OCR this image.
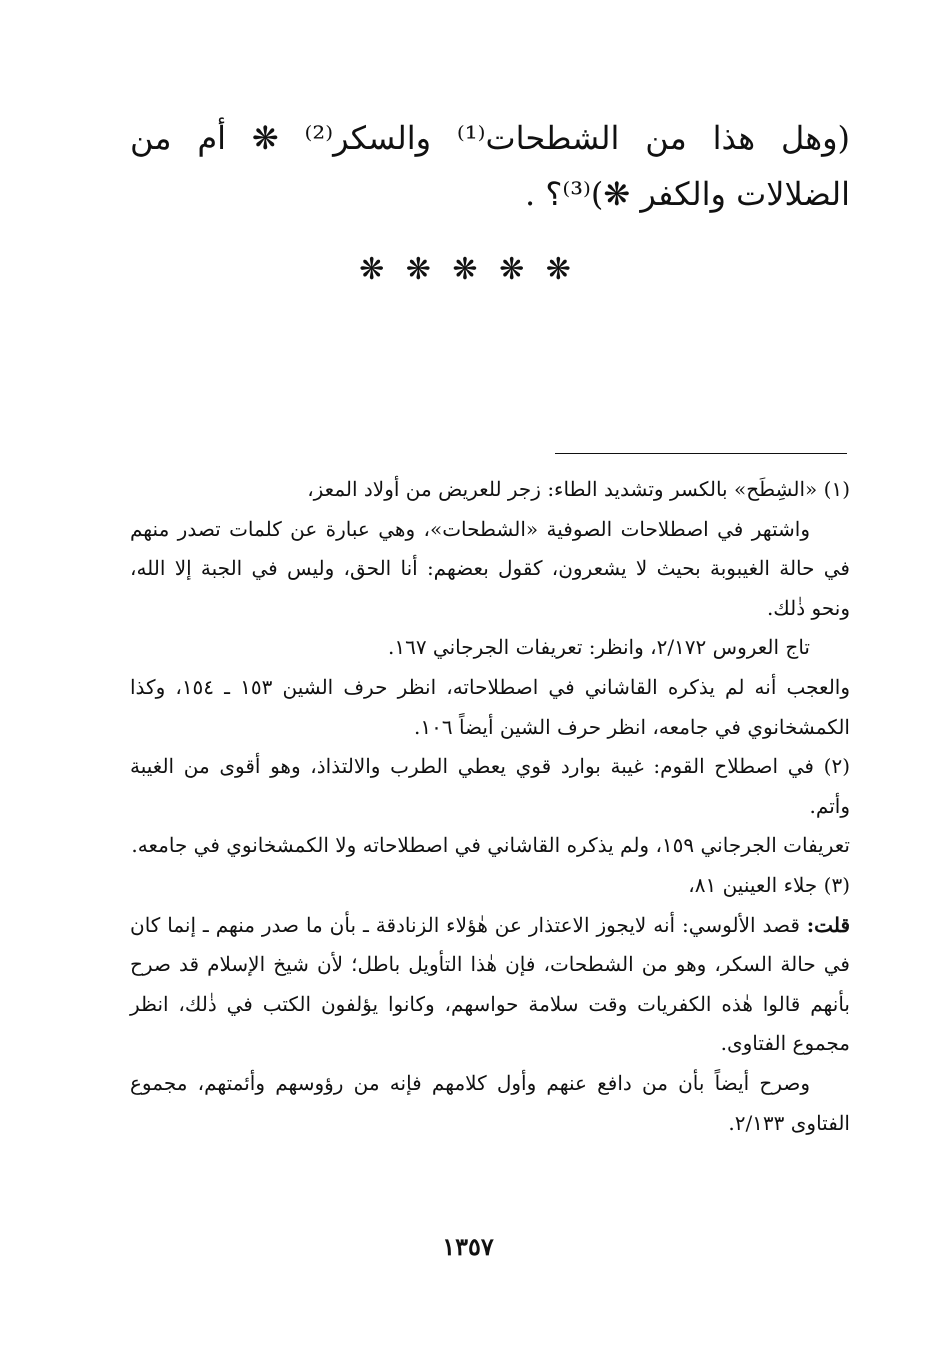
(وهل هذا من الشطحات⁽¹⁾ والسكر⁽²⁾ ❋ أم من الضلالات والكفر ❋)⁽³⁾؟ .

❋ ❋ ❋ ❋ ❋

(١) «الشِطَح» بالكسر وتشديد الطاء: زجر للعريض من أولاد المعز،

واشتهر في اصطلاحات الصوفية «الشطحات»، وهي عبارة عن كلمات تصدر منهم في حالة الغيبوبة بحيث لا يشعرون، كقول بعضهم: أنا الحق، وليس في الجبة إلا الله، ونحو ذٰلك.

تاج العروس ٢/١٧٢، وانظر: تعريفات الجرجاني ١٦٧.

والعجب أنه لم يذكره القاشاني في اصطلاحاته، انظر حرف الشين ١٥٣ ـ ١٥٤، وكذا الكمشخانوي في جامعه، انظر حرف الشين أيضاً ١٠٦.

(٢) في اصطلاح القوم: غيبة بوارد قوي يعطي الطرب والالتذاذ، وهو أقوى من الغيبة وأتم.

تعريفات الجرجاني ١٥٩، ولم يذكره القاشاني في اصطلاحاته ولا الكمشخانوي في جامعه.

(٣) جلاء العينين ٨١،

قلت: قصد الألوسي: أنه لايجوز الاعتذار عن هٰؤلاء الزنادقة ـ بأن ما صدر منهم ـ إنما كان في حالة السكر، وهو من الشطحات، فإن هٰذا التأويل باطل؛ لأن شيخ الإسلام قد صرح بأنهم قالوا هٰذه الكفريات وقت سلامة حواسهم، وكانوا يؤلفون الكتب في ذٰلك، انظر مجموع الفتاوى.

وصرح أيضاً بأن من دافع عنهم وأول كلامهم فإنه من رؤوسهم وأئمتهم، مجموع الفتاوى ٢/١٣٣.

١٣٥٧
